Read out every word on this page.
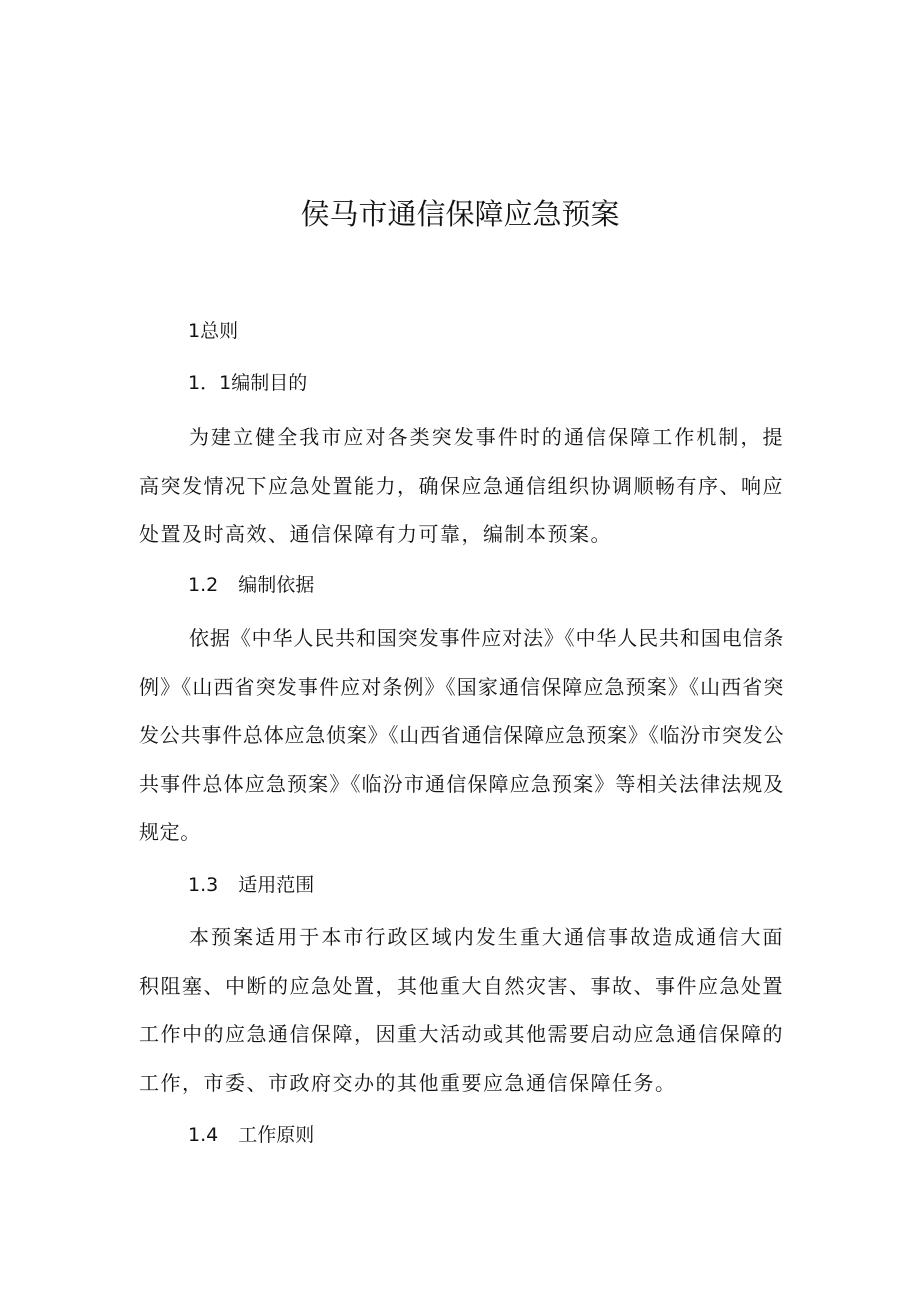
侯马市通信保障应急预案
1总则
1．1编制目的

为建立健全我市应对各类突发事件时的通信保障工作机制，提高突发情况下应急处置能力，确保应急通信组织协调顺畅有序、响应处置及时高效、通信保障有力可靠，编制本预案。

1.2 编制依据

依据《中华人民共和国突发事件应对法》《中华人民共和国电信条例》《山西省突发事件应对条例》《国家通信保障应急预案》《山西省突发公共事件总体应急侦案》《山西省通信保障应急预案》《临汾市突发公共事件总体应急预案》《临汾市通信保障应急预案》等相关法律法规及规定。

1.3 适用范围

本预案适用于本市行政区域内发生重大通信事故造成通信大面积阻塞、中断的应急处置，其他重大自然灾害、事故、事件应急处置工作中的应急通信保障，因重大活动或其他需要启动应急通信保障的工作，市委、市政府交办的其他重要应急通信保障任务。

1.4 工作原则
